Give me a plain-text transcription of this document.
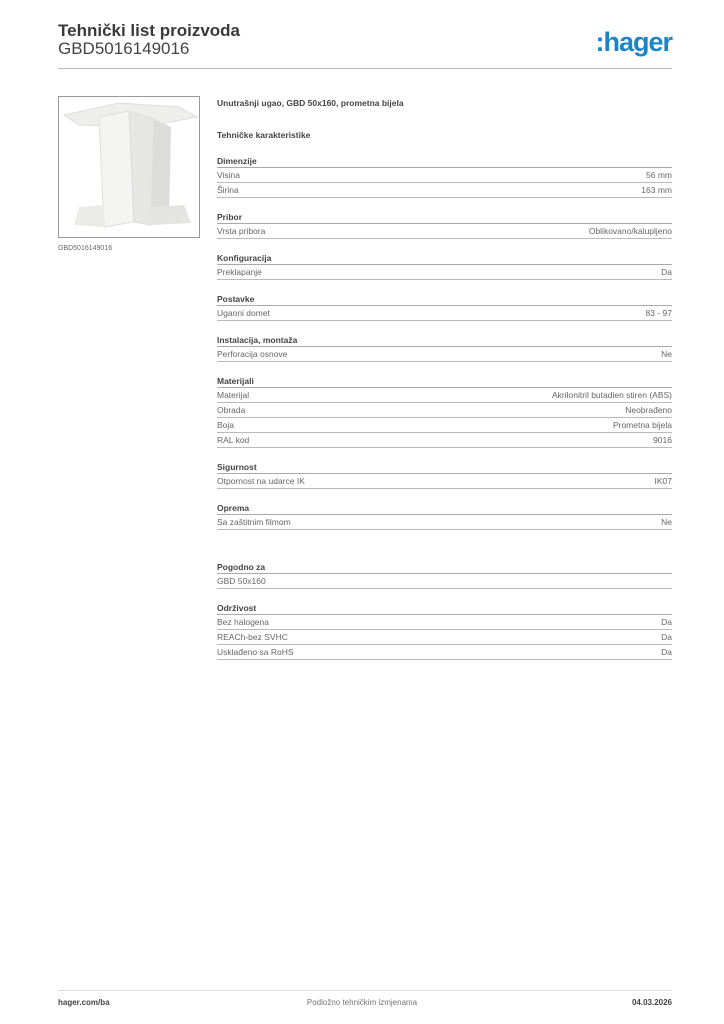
Tehnički list proizvoda
GBD5016149016	:hager
GBD5016149016
Unutrašnji ugao, GBD 50x160, prometna bijela
Tehničke karakteristike
Dimenzije
Visina	56 mm
Širina	163 mm
Pribor
Vrsta pribora	Oblikovano/kalupljeno
Konfiguracija
Preklapanje	Da
Postavke
Ugaoni domet	83 - 97
Instalacija, montaža
Perforacija osnove	Ne
Materijali
Materijal	Akrilonitril butadien stiren (ABS)
Obrada	Neobrađeno
Boja	Prometna bijela
RAL kod	9016
Sigurnost
Otpornost na udarce IK	IK07
Oprema
Sa zaštitnim filmom	Ne
Pogodno za
GBD 50x160
Održivost
Bez halogena	Da
REACh-bez SVHC	Da
Usklađeno sa RoHS	Da
hager.com/ba	Podložno tehničkim izmjenama	04.03.2026
